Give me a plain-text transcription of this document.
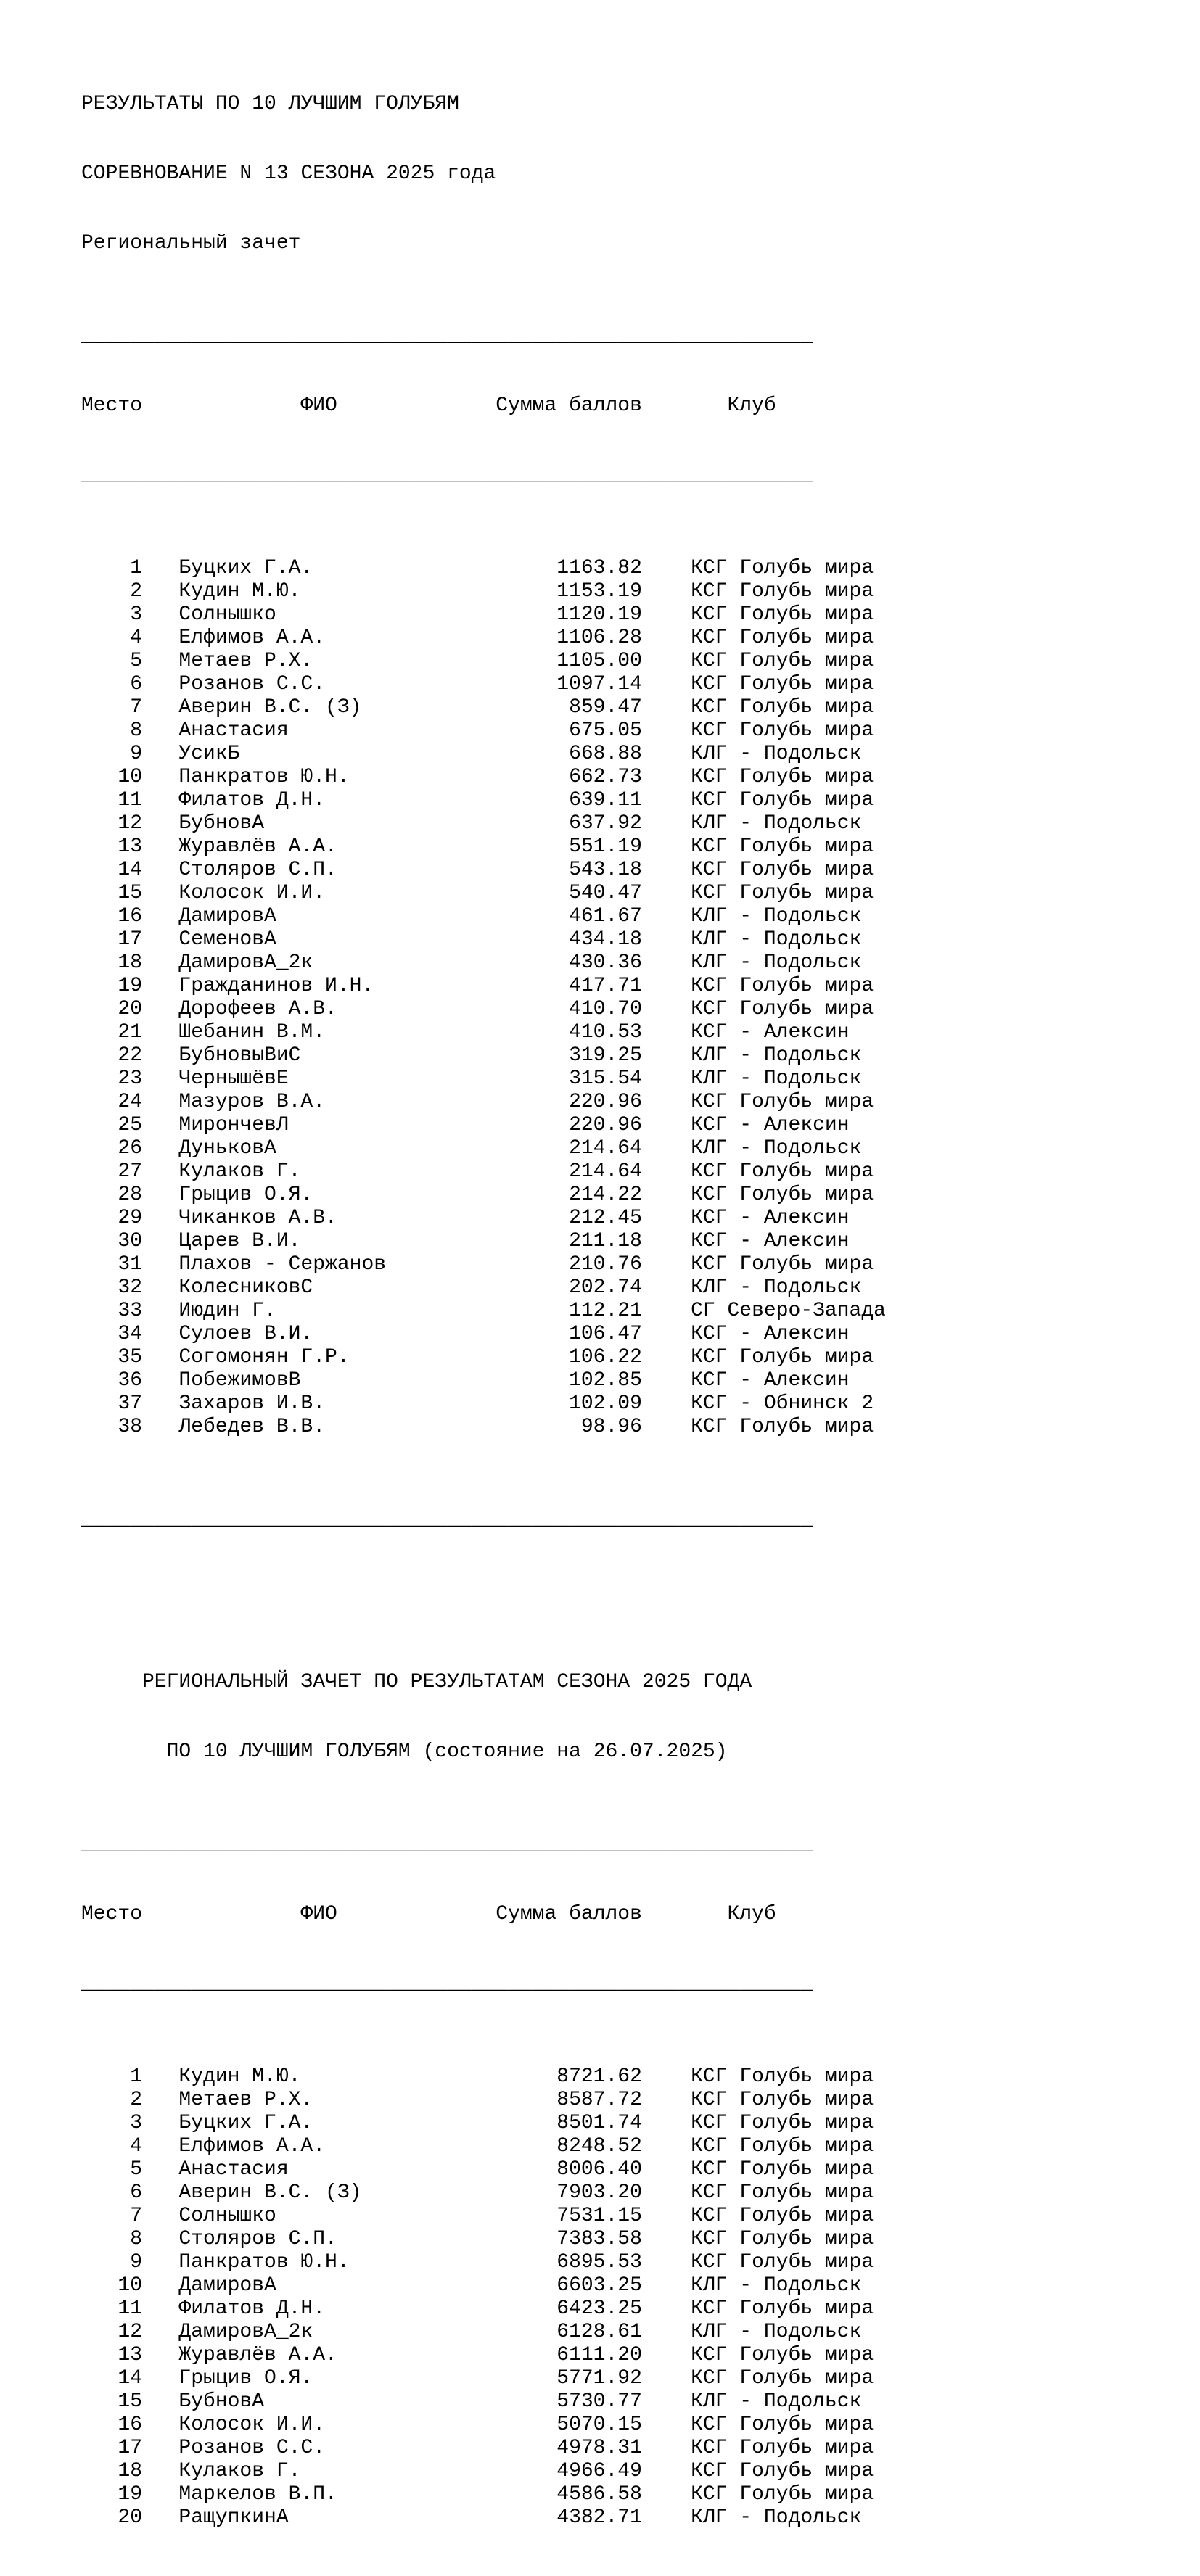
РЕЗУЛЬТАТЫ ПО 10 ЛУЧШИМ ГОЛУБЯМ

СОРЕВНОВАНИЕ N 13 СЕЗОНА 2025 года

Региональный зачет

____________________________________________________________

Место	ФИО	Сумма баллов	Клуб

____________________________________________________________

1 Буцких Г.А.	1163.82 КСГ Голубь мира
2 Кудин М.Ю.	1153.19 КСГ Голубь мира
3 Солнышко	1120.19 КСГ Голубь мира
4 Елфимов А.А.	1106.28 КСГ Голубь мира
5 Метаев Р.Х.	1105.00 КСГ Голубь мира
6 Розанов С.С.	1097.14 КСГ Голубь мира
7 Аверин В.С. (З)	859.47 КСГ Голубь мира
8 Анастасия	675.05 КСГ Голубь мира
9 УсикБ	668.88 КЛГ - Подольск
10 Панкратов Ю.Н.	662.73 КСГ Голубь мира
11 Филатов Д.Н.	639.11 КСГ Голубь мира
12 БубновА	637.92 КЛГ - Подольск
13 Журавлёв А.А.	551.19 КСГ Голубь мира
14 Столяров С.П.	543.18 КСГ Голубь мира
15 Колосок И.И.	540.47 КСГ Голубь мира
16 ДамировА	461.67 КЛГ - Подольск
17 СеменовА	434.18 КЛГ - Подольск
18 ДамировА_2к	430.36 КЛГ - Подольск
19 Гражданинов И.Н.	417.71 КСГ Голубь мира
20 Дорофеев А.В.	410.70 КСГ Голубь мира
21 Шебанин В.М.	410.53 КСГ - Алексин
22 БубновыВиС	319.25 КЛГ - Подольск
23 ЧернышёвЕ	315.54 КЛГ - Подольск
24 Мазуров В.А.	220.96 КСГ Голубь мира
25 МирончевЛ	220.96 КСГ - Алексин
26 ДуньковА	214.64 КЛГ - Подольск
27 Кулаков Г.	214.64 КСГ Голубь мира
28 Грыцив О.Я.	214.22 КСГ Голубь мира
29 Чиканков А.В.	212.45 КСГ - Алексин
30 Царев В.И.	211.18 КСГ - Алексин
31 Плахов - Сержанов	210.76 КСГ Голубь мира
32 КолесниковС	202.74 КЛГ - Подольск
33 Июдин Г.	112.21 СГ Северо-Запада
34 Сулоев В.И.	106.47 КСГ - Алексин
35 Согомонян Г.Р.	106.22 КСГ Голубь мира
36 ПобежимовВ	102.85 КСГ - Алексин
37 Захаров И.В.	102.09 КСГ - Обнинск 2
38 Лебедев В.В.	98.96 КСГ Голубь мира

____________________________________________________________

РЕГИОНАЛЬНЫЙ ЗАЧЕТ ПО РЕЗУЛЬТАТАМ СЕЗОНА 2025 ГОДА

ПО 10 ЛУЧШИМ ГОЛУБЯМ (состояние на 26.07.2025)

____________________________________________________________

Место	ФИО	Сумма баллов	Клуб

____________________________________________________________

1 Кудин М.Ю.	8721.62 КСГ Голубь мира
2 Метаев Р.Х.	8587.72 КСГ Голубь мира
3 Буцких Г.А.	8501.74 КСГ Голубь мира
4 Елфимов А.А.	8248.52 КСГ Голубь мира
5 Анастасия	8006.40 КСГ Голубь мира
6 Аверин В.С. (З)	7903.20 КСГ Голубь мира
7 Солнышко	7531.15 КСГ Голубь мира
8 Столяров С.П.	7383.58 КСГ Голубь мира
9 Панкратов Ю.Н.	6895.53 КСГ Голубь мира
10 ДамировА	6603.25 КЛГ - Подольск
11 Филатов Д.Н.	6423.25 КСГ Голубь мира
12 ДамировА_2к	6128.61 КЛГ - Подольск
13 Журавлёв А.А.	6111.20 КСГ Голубь мира
14 Грыцив О.Я.	5771.92 КСГ Голубь мира
15 БубновА	5730.77 КЛГ - Подольск
16 Колосок И.И.	5070.15 КСГ Голубь мира
17 Розанов С.С.	4978.31 КСГ Голубь мира
18 Кулаков Г.	4966.49 КСГ Голубь мира
19 Маркелов В.П.	4586.58 КСГ Голубь мира
20 РащупкинА	4382.71 КЛГ - Подольск
